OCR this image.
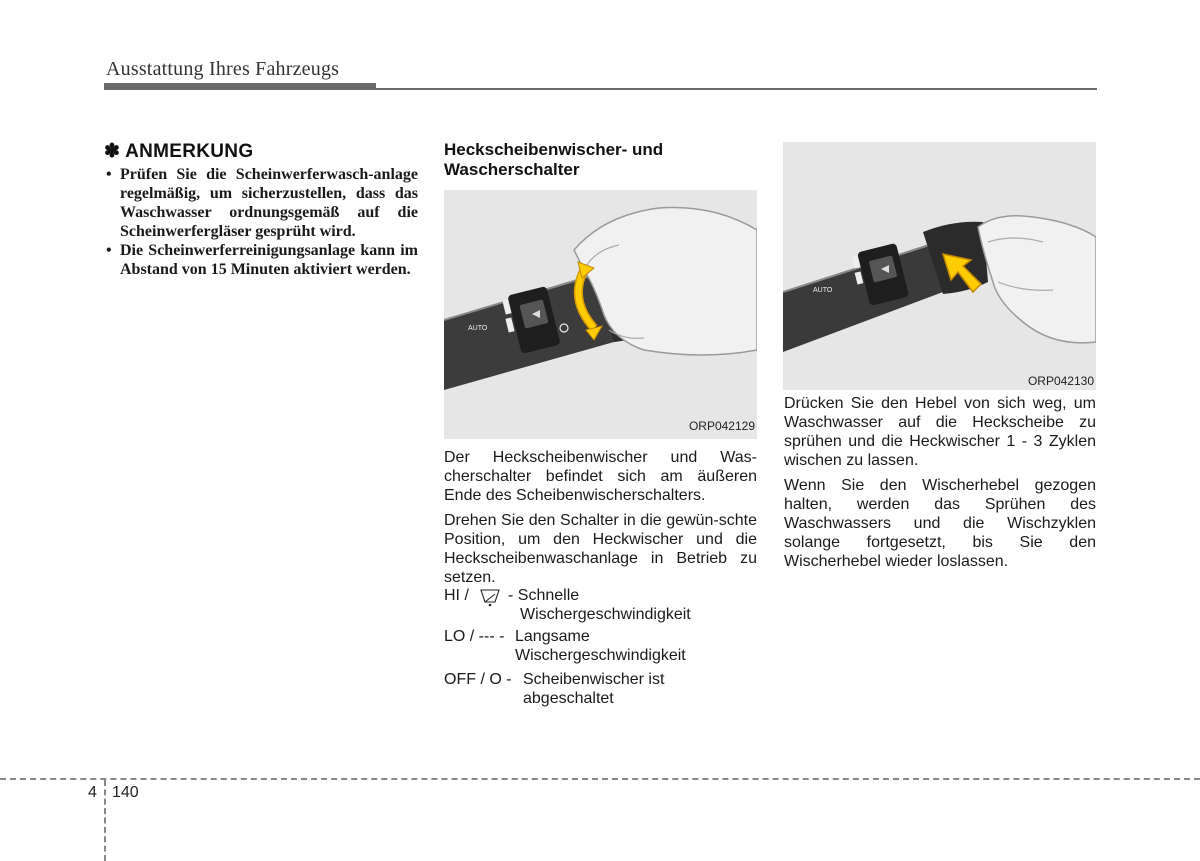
Ausstattung Ihres Fahrzeugs
✽ ANMERKUNG
• Prüfen Sie die Scheinwerferwasch-anlage regelmäßig, um sicherzustellen, dass das Waschwasser ordnungsgemäß auf die Scheinwerfergläser gesprüht wird.
• Die Scheinwerferreinigungsanlage kann im Abstand von 15 Minuten aktiviert werden.
Heckscheibenwischer- und
Wascherschalter
AUTO
ORP042129

Der Heckscheibenwischer und Was-cherschalter befindet sich am äußeren Ende des Scheibenwischerschalters.

Drehen Sie den Schalter in die gewün-schte Position, um den Heckwischer und die Heckscheibenwaschanlage in Betrieb zu setzen.

HI / - Schnelle
Wischergeschwindigkeit
LO / --- - Langsame
Wischergeschwindigkeit
OFF / O - Scheibenwischer ist
abgeschaltet
AUTO
ORP042130

Drücken Sie den Hebel von sich weg, um Waschwasser auf die Heckscheibe zu sprühen und die Heckwischer 1 - 3 Zyklen wischen zu lassen.

Wenn Sie den Wischerhebel gezogen halten, werden das Sprühen des Waschwassers und die Wischzyklen solange fortgesetzt, bis Sie den Wischerhebel wieder loslassen.

4 140
